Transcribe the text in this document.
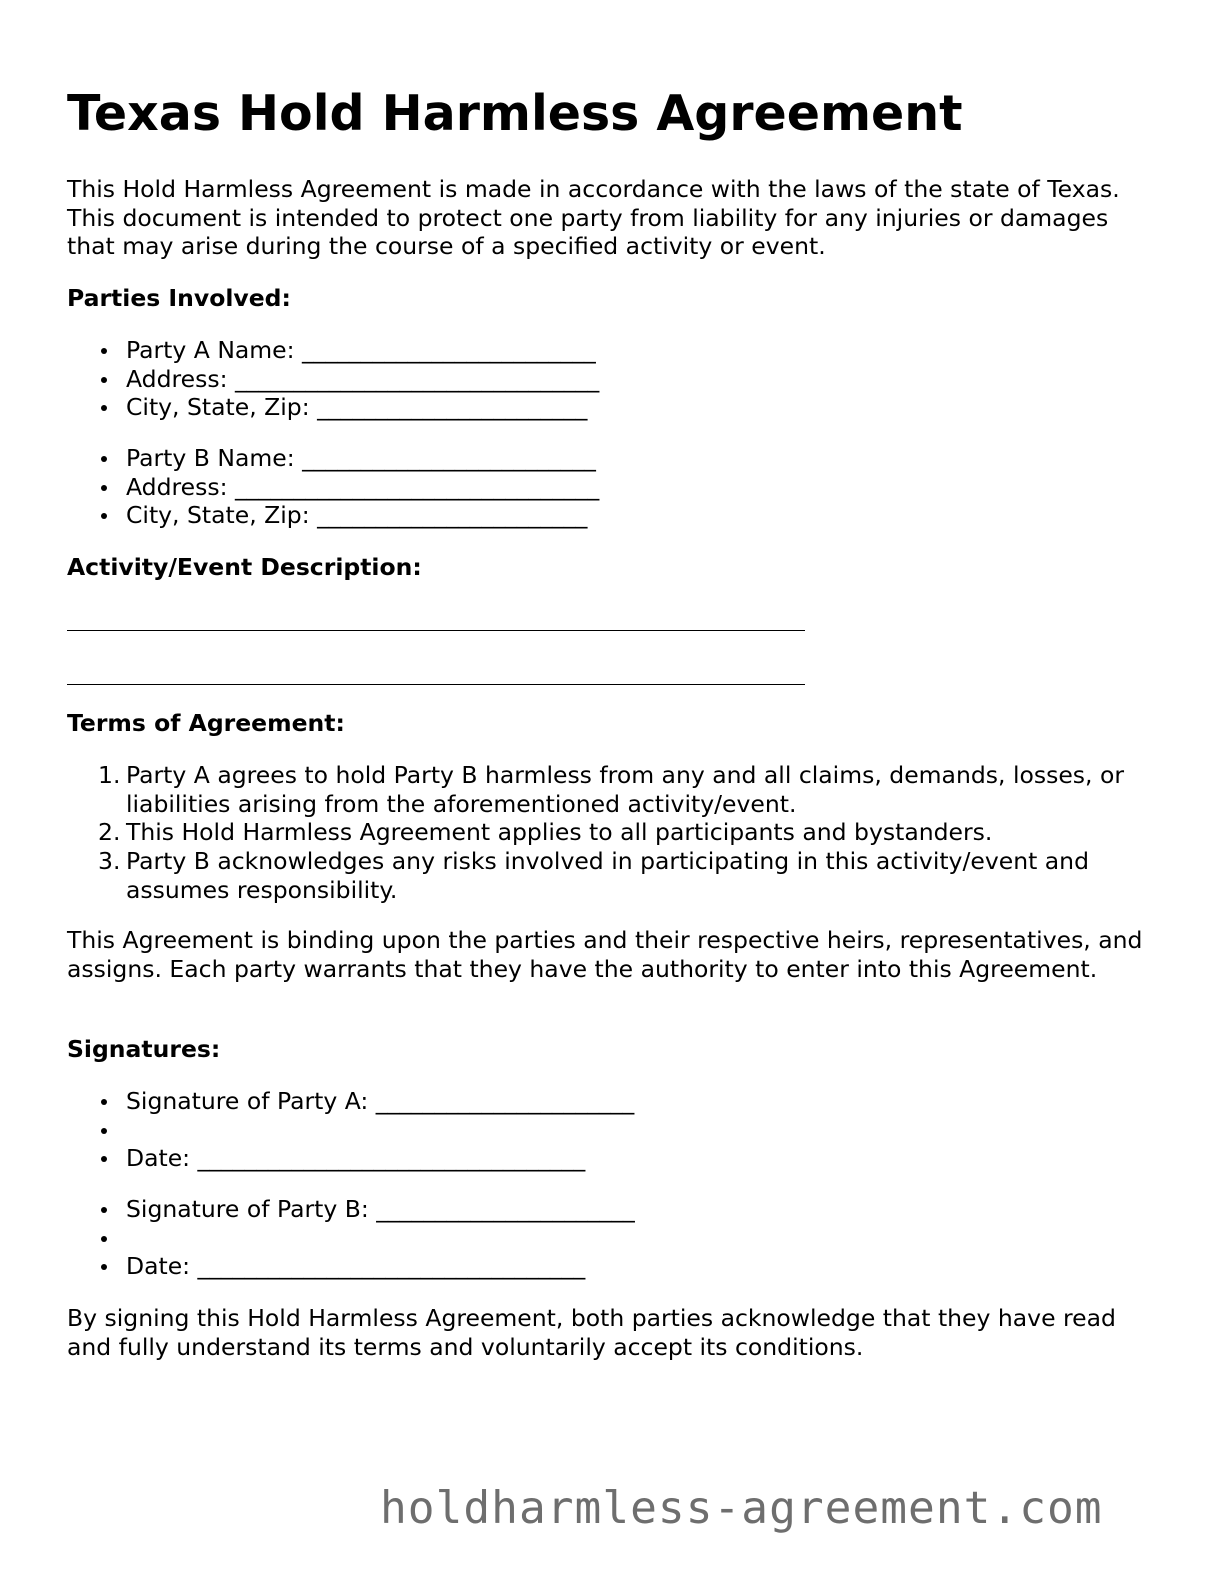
Texas Hold Harmless Agreement

This Hold Harmless Agreement is made in accordance with the laws of the state of Texas. This document is intended to protect one party from liability for any injuries or damages that may arise during the course of a specified activity or event.

Parties Involved:
Party A Name: _________________________
Address: _______________________________
City, State, Zip: _______________________
Party B Name: _________________________
Address: _______________________________
City, State, Zip: _______________________
Activity/Event Description:
Terms of Agreement:
1. Party A agrees to hold Party B harmless from any and all claims, demands, losses, or liabilities arising from the aforementioned activity/event.
2. This Hold Harmless Agreement applies to all participants and bystanders.
3. Party B acknowledges any risks involved in participating in this activity/event and assumes responsibility.

This Agreement is binding upon the parties and their respective heirs, representatives, and assigns. Each party warrants that they have the authority to enter into this Agreement.

Signatures:
Signature of Party A: ______________________
Date: _________________________________
Signature of Party B: ______________________
Date: _________________________________

By signing this Hold Harmless Agreement, both parties acknowledge that they have read and fully understand its terms and voluntarily accept its conditions.

holdharmless-agreement.com
